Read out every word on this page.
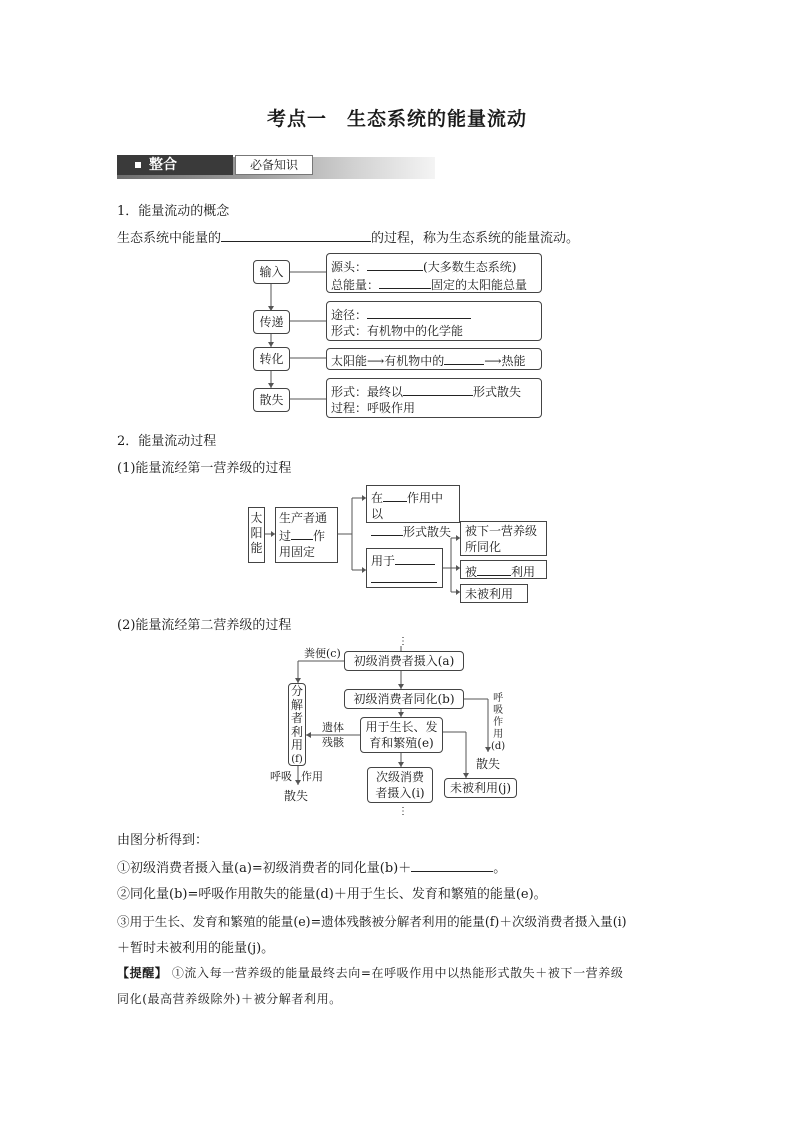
考点一　生态系统的能量流动
整合	必备知识
1．能量流动的概念
生态系统中能量的	的过程，称为生态系统的能量流动。
输入
传递
转化
散失
源头：	(大多数生态系统)
总能量：	固定的太阳能总量
途径：
形式：有机物中的化学能
太阳能⟶有机物中的	⟶热能
形式：最终以	形式散失
过程：呼吸作用
2．能量流动过程
(1)能量流经第一营养级的过程
太
阳
能
生产者通
过 作
用固定
在 作用中以
形式散失
用于
被下一营养级
所同化
被	利用
未被利用
(2)能量流经第二营养级的过程
⋮
粪便(c)
初级消费者摄入(a)
初级消费者同化(b)
用于生长、发
育和繁殖(e)
分
解
者
利
用
(f)
遗体
残骸
呼
吸
作
用
(d)
散失
呼吸 作用
散失
次级消费
者摄入(i)	未被利用(j)
⋮
由图分析得到：
①初级消费者摄入量(a)=初级消费者的同化量(b)＋	。
②同化量(b)=呼吸作用散失的能量(d)＋用于生长、发育和繁殖的能量(e)。
③用于生长、发育和繁殖的能量(e)=遗体残骸被分解者利用的能量(f)＋次级消费者摄入量(i)
＋暂时未被利用的能量(j)。
【提醒】 ①流入每一营养级的能量最终去向=在呼吸作用中以热能形式散失＋被下一营养级
同化(最高营养级除外)＋被分解者利用。
